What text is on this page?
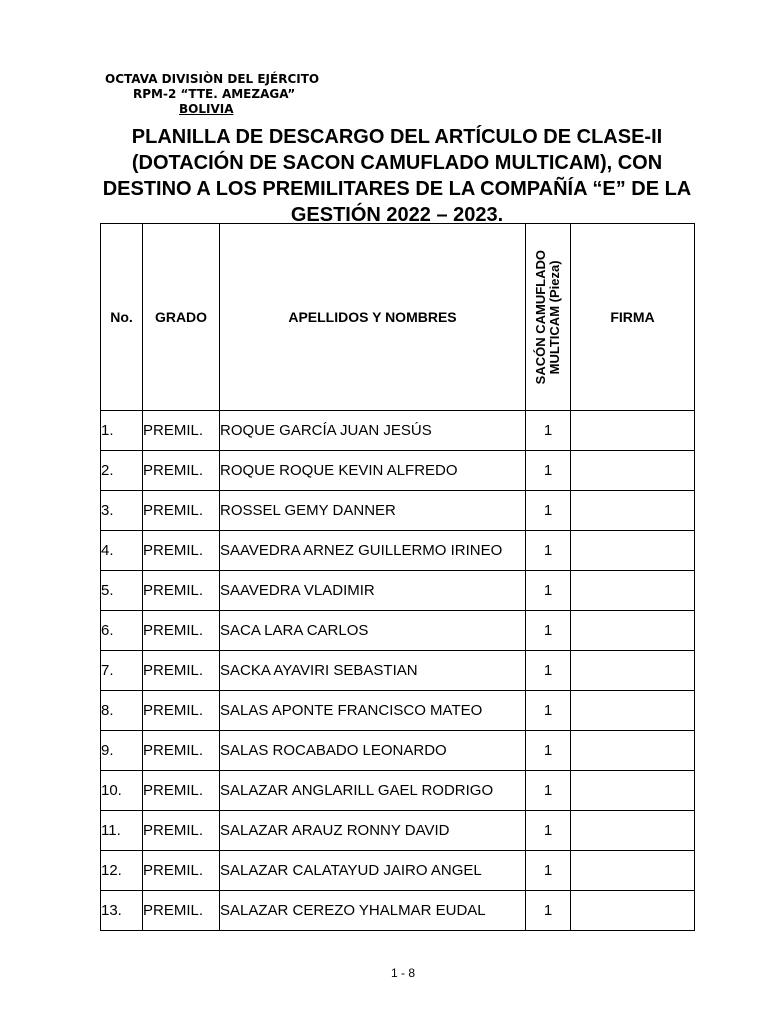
OCTAVA DIVISIÒN DEL EJÉRCITO
RPM-2 “TTE. AMEZAGA”
BOLIVIA
PLANILLA DE DESCARGO DEL ARTÍCULO DE CLASE-II (DOTACIÓN DE SACON CAMUFLADO MULTICAM), CON DESTINO A LOS PREMILITARES DE LA COMPAÑÍA “E” DE LA GESTIÓN 2022 – 2023.
No.	GRADO	APELLIDOS Y NOMBRES	SACÓN CAMUFLADO MULTICAM (Pieza)	FIRMA
1.	PREMIL.	ROQUE GARCÍA JUAN JESÚS	1	
2.	PREMIL.	ROQUE ROQUE KEVIN ALFREDO	1	
3.	PREMIL.	ROSSEL GEMY DANNER	1	
4.	PREMIL.	SAAVEDRA ARNEZ GUILLERMO IRINEO	1	
5.	PREMIL.	SAAVEDRA VLADIMIR	1	
6.	PREMIL.	SACA LARA CARLOS	1	
7.	PREMIL.	SACKA AYAVIRI SEBASTIAN	1	
8.	PREMIL.	SALAS APONTE FRANCISCO MATEO	1	
9.	PREMIL.	SALAS ROCABADO LEONARDO	1	
10.	PREMIL.	SALAZAR ANGLARILL GAEL RODRIGO	1	
11.	PREMIL.	SALAZAR ARAUZ RONNY DAVID	1	
12.	PREMIL.	SALAZAR CALATAYUD JAIRO ANGEL	1	
13.	PREMIL.	SALAZAR CEREZO YHALMAR EUDAL	1	
1 - 8
